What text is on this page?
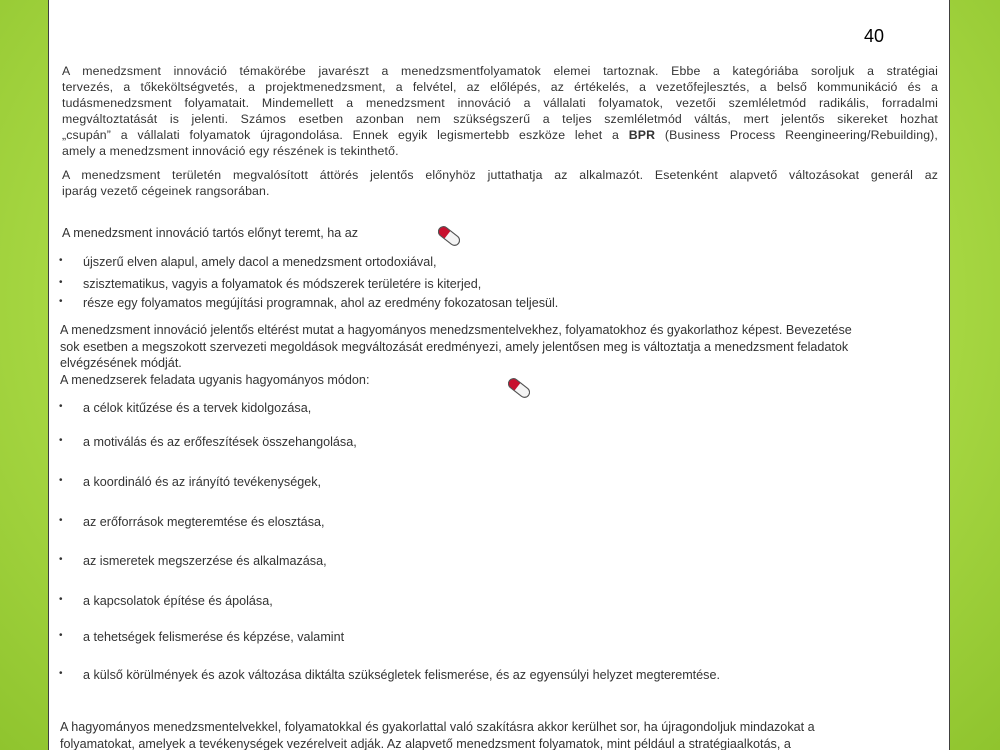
40

A menedzsment innováció témakörébe javarészt a menedzsmentfolyamatok elemei tartoznak. Ebbe a kategóriába soroljuk a stratégiai
tervezés, a tőkeköltségvetés, a projektmenedzsment, a felvétel, az előlépés, az értékelés, a vezetőfejlesztés, a belső kommunikáció és a
tudásmenedzsment folyamatait. Mindemellett a menedzsment innováció a vállalati folyamatok, vezetői szemléletmód radikális, forradalmi
megváltoztatását is jelenti. Számos esetben azonban nem szükségszerű a teljes szemléletmód váltás, mert jelentős sikereket hozhat
„csupán” a vállalati folyamatok újragondolása. Ennek egyik legismertebb eszköze lehet a BPR (Business Process Reengineering/Rebuilding),
amely a menedzsment innováció egy részének is tekinthető.

A menedzsment területén megvalósított áttörés jelentős előnyhöz juttathatja az alkalmazót. Esetenként alapvető változásokat generál az
iparág vezető cégeinek rangsorában.

A menedzsment innováció tartós előnyt teremt, ha az
• újszerű elven alapul, amely dacol a menedzsment ortodoxiával,
• szisztematikus, vagyis a folyamatok és módszerek területére is kiterjed,
• része egy folyamatos megújítási programnak, ahol az eredmény fokozatosan teljesül.
A menedzsment innováció jelentős eltérést mutat a hagyományos menedzsmentelvekhez, folyamatokhoz és gyakorlathoz képest. Bevezetése
sok esetben a megszokott szervezeti megoldások megváltozását eredményezi, amely jelentősen meg is változtatja a menedzsment feladatok
elvégzésének módját.
A menedzserek feladata ugyanis hagyományos módon:
• a célok kitűzése és a tervek kidolgozása,
• a motiválás és az erőfeszítések összehangolása,
• a koordináló és az irányító tevékenységek,
• az erőforrások megteremtése és elosztása,
• az ismeretek megszerzése és alkalmazása,
• a kapcsolatok építése és ápolása,
• a tehetségek felismerése és képzése, valamint
• a külső körülmények és azok változása diktálta szükségletek felismerése, és az egyensúlyi helyzet megteremtése.
A hagyományos menedzsmentelvekkel, folyamatokkal és gyakorlattal való szakításra akkor kerülhet sor, ha újragondoljuk mindazokat a
folyamatokat, amelyek a tevékenységek vezérelveit adják. Az alapvető menedzsment folyamatok, mint például a stratégiaalkotás, a
